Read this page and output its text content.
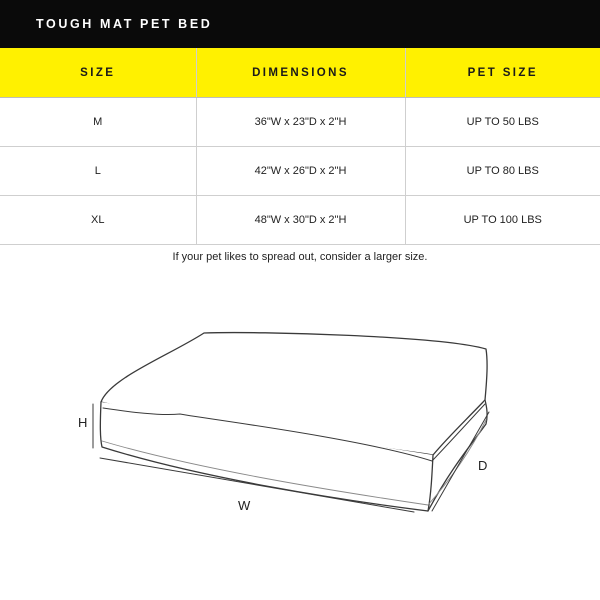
TOUGH MAT PET BED
SIZE	DIMENSIONS	PET SIZE
M	36"W x 23"D x 2"H	UP TO 50 LBS
L	42"W x 26"D x 2"H	UP TO 80 LBS
XL	48"W x 30"D x 2"H	UP TO 100 LBS
If your pet likes to spread out, consider a larger size.
H
W
D
